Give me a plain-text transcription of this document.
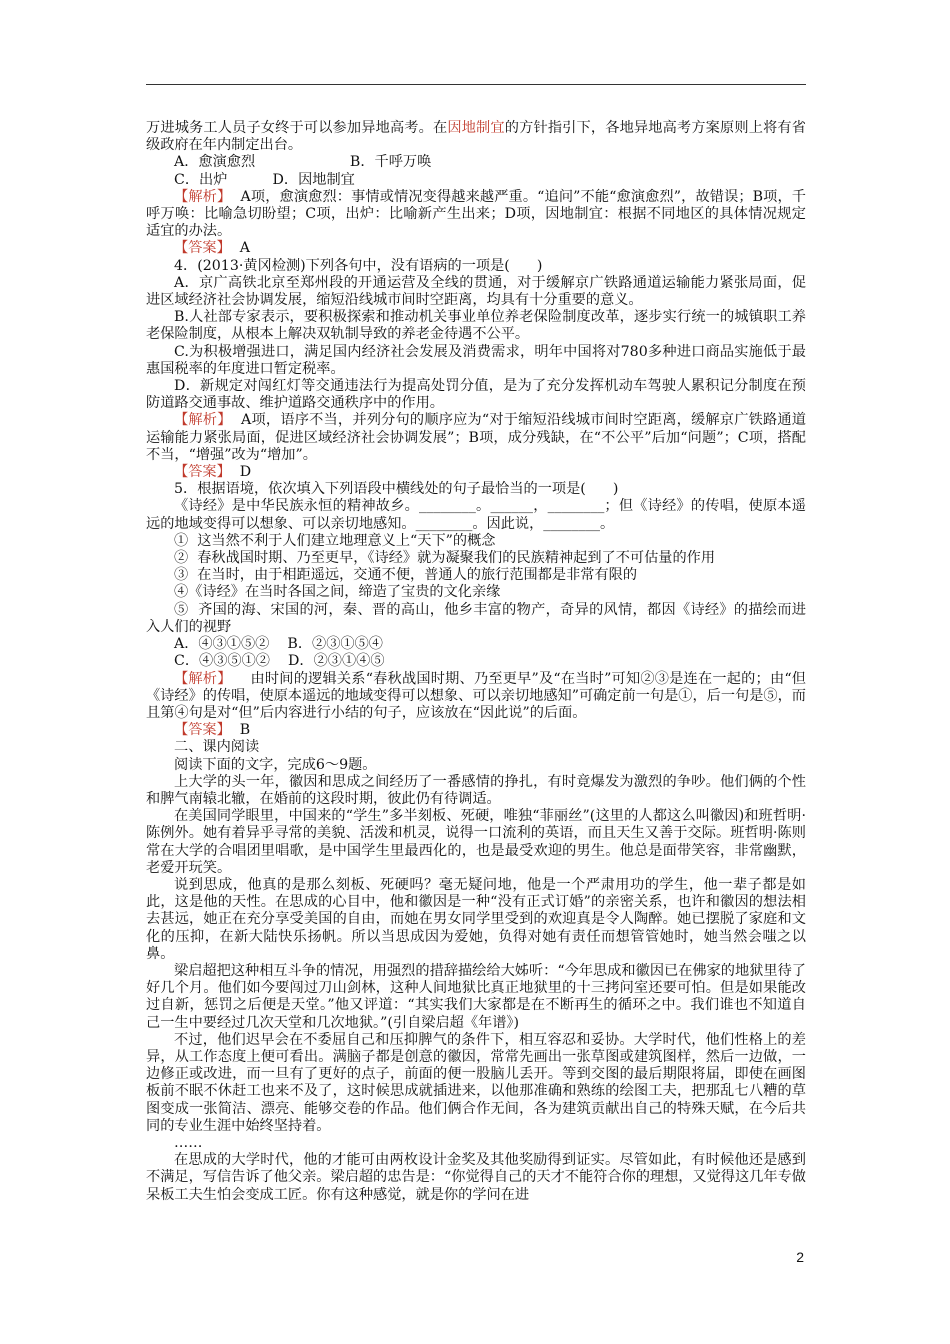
万进城务工人员子女终于可以参加异地高考。在因地制宜的方针指引下，各地异地高考方案原则上将有省级政府在年内制定出台。

A．愈演愈烈                     B．千呼万唤

C．出炉          D．因地制宜

【解析】  A项，愈演愈烈：事情或情况变得越来越严重。“追问”不能“愈演愈烈”，故错误；B项，千呼万唤：比喻急切盼望；C项，出炉：比喻新产生出来；D项，因地制宜：根据不同地区的具体情况规定适宜的办法。

【答案】  A

4．(2013·黄冈检测)下列各句中，没有语病的一项是(      )

A．京广高铁北京至郑州段的开通运营及全线的贯通，对于缓解京广铁路通道运输能力紧张局面，促进区域经济社会协调发展，缩短沿线城市间时空距离，均具有十分重要的意义。

B.人社部专家表示，要积极探索和推动机关事业单位养老保险制度改革，逐步实行统一的城镇职工养老保险制度，从根本上解决双轨制导致的养老金待遇不公平。

C.为积极增强进口，满足国内经济社会发展及消费需求，明年中国将对780多种进口商品实施低于最惠国税率的年度进口暂定税率。

D．新规定对闯红灯等交通违法行为提高处罚分值，是为了充分发挥机动车驾驶人累积记分制度在预防道路交通事故、维护道路交通秩序中的作用。

【解析】  A项，语序不当，并列分句的顺序应为“对于缩短沿线城市间时空距离，缓解京广铁路通道运输能力紧张局面，促进区域经济社会协调发展”；B项，成分残缺，在“不公平”后加“问题”；C项，搭配不当，“增强”改为“增加”。

【答案】  D

5．根据语境，依次填入下列语段中横线处的句子最恰当的一项是(      )

《诗经》是中华民族永恒的精神故乡。________。______，________；但《诗经》的传唱，使原本遥远的地域变得可以想象、可以亲切地感知。________。因此说，________。

①  这当然不利于人们建立地理意义上“天下”的概念

②  春秋战国时期、乃至更早，《诗经》就为凝聚我们的民族精神起到了不可估量的作用

③  在当时，由于相距遥远，交通不便，普通人的旅行范围都是非常有限的

④《诗经》在当时各国之间，缔造了宝贵的文化亲缘

⑤  齐国的海、宋国的河，秦、晋的高山，他乡丰富的物产，奇异的风情，都因《诗经》的描绘而进入人们的视野

A．④③①⑤②    B．②③①⑤④

C．④③⑤①②    D．②③①④⑤

【解析】    由时间的逻辑关系“春秋战国时期、乃至更早”及“在当时”可知②③是连在一起的；由“但《诗经》的传唱，使原本遥远的地域变得可以想象、可以亲切地感知”可确定前一句是①，后一句是⑤，而且第④句是对“但”后内容进行小结的句子，应该放在“因此说”的后面。

【答案】  B

二、课内阅读

阅读下面的文字，完成6～9题。

上大学的头一年，徽因和思成之间经历了一番感情的挣扎，有时竟爆发为激烈的争吵。他们俩的个性和脾气南辕北辙，在婚前的这段时期，彼此仍有待调适。

在美国同学眼里，中国来的“学生”多半刻板、死硬，唯独“菲丽丝”(这里的人都这么叫徽因)和班哲明·陈例外。她有着异乎寻常的美貌、活泼和机灵，说得一口流利的英语，而且天生又善于交际。班哲明·陈则常在大学的合唱团里唱歌，是中国学生里最西化的，也是最受欢迎的男生。他总是面带笑容，非常幽默，老爱开玩笑。

说到思成，他真的是那么刻板、死硬吗？毫无疑问地，他是一个严肃用功的学生，他一辈子都是如此，这是他的天性。在思成的心目中，他和徽因是一种“没有正式订婚”的亲密关系，也许和徽因的想法相去甚远，她正在充分享受美国的自由，而她在男女同学里受到的欢迎真是令人陶醉。她已摆脱了家庭和文化的压抑，在新大陆快乐扬帆。所以当思成因为爱她，负得对她有责任而想管管她时，她当然会嗤之以鼻。

梁启超把这种相互斗争的情况，用强烈的措辞描绘给大姊听：“今年思成和徽因已在佛家的地狱里待了好几个月。他们如今要闯过刀山剑林，这种人间地狱比真正地狱里的十三拷问室还要可怕。但是如果能改过自新，惩罚之后便是天堂。”他又评道：“其实我们大家都是在不断再生的循环之中。我们谁也不知道自己一生中要经过几次天堂和几次地狱。”(引自梁启超《年谱》)

不过，他们迟早会在不委屈自己和压抑脾气的条件下，相互容忍和妥协。大学时代，他们性格上的差异，从工作态度上便可看出。满脑子都是创意的徽因，常常先画出一张草图或建筑图样，然后一边做，一边修正或改进，而一旦有了更好的点子，前面的便一股脑儿丢开。等到交图的最后期限将届，即使在画图板前不眠不休赶工也来不及了，这时候思成就插进来，以他那准确和熟练的绘图工夫，把那乱七八糟的草图变成一张简洁、漂亮、能够交卷的作品。他们俩合作无间，各为建筑贡献出自己的特殊天赋，在今后共同的专业生涯中始终坚持着。

……

在思成的大学时代，他的才能可由两枚设计金奖及其他奖励得到证实。尽管如此，有时候他还是感到不满足，写信告诉了他父亲。梁启超的忠告是：“你觉得自己的天才不能符合你的理想，又觉得这几年专做呆板工夫生怕会变成工匠。你有这种感觉，就是你的学问在进

2
